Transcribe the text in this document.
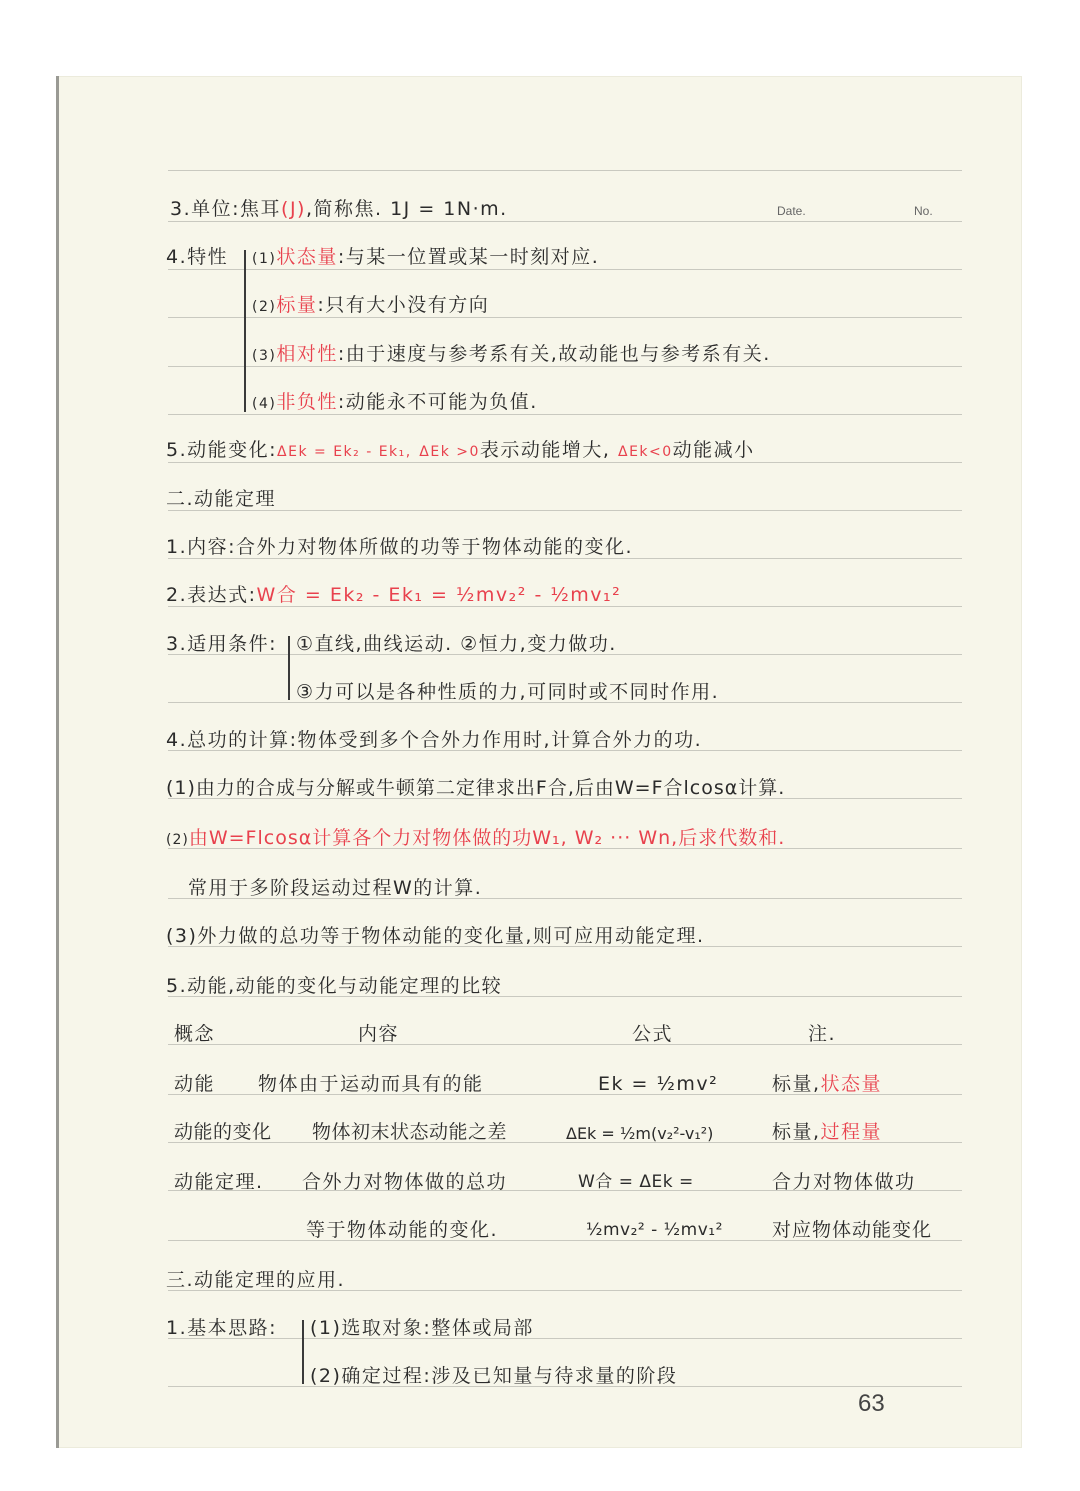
Date.	No.
3.单位:焦耳(J),简称焦. 1J = 1N·m.
4.特性 (1)状态量:与某一位置或某一时刻对应.
(2)标量:只有大小没有方向
(3)相对性:由于速度与参考系有关,故动能也与参考系有关.
(4)非负性:动能永不可能为负值.
5.动能变化:ΔEk = Ek₂ - Ek₁, ΔEk >0表示动能增大, ΔEk<0动能减小
二.动能定理
1.内容:合外力对物体所做的功等于物体动能的变化.
2.表达式:W合 = Ek₂ - Ek₁ = ½mv₂² - ½mv₁²
3.适用条件: ①直线,曲线运动. ②恒力,变力做功.
③力可以是各种性质的力,可同时或不同时作用.
4.总功的计算:物体受到多个合外力作用时,计算合外力的功.
(1)由力的合成与分解或牛顿第二定律求出F合,后由W=F合lcosα计算.
(2)由W=Flcosα计算各个力对物体做的功W₁, W₂ ··· Wn,后求代数和.
常用于多阶段运动过程W的计算.
(3)外力做的总功等于物体动能的变化量,则可应用动能定理.
5.动能,动能的变化与动能定理的比较
概念	内容	公式	注.
动能 物体由于运动而具有的能	Ek = ½mv²	标量,状态量
动能的变化 物体初末状态动能之差	ΔEk = ½m(v₂²-v₁²)	标量,过程量
动能定理. 合外力对物体做的总功	W合 = ΔEk =	合力对物体做功
等于物体动能的变化.	½mv₂² - ½mv₁²	对应物体动能变化
三.动能定理的应用.
1.基本思路: (1)选取对象:整体或局部
(2)确定过程:涉及已知量与待求量的阶段
63
